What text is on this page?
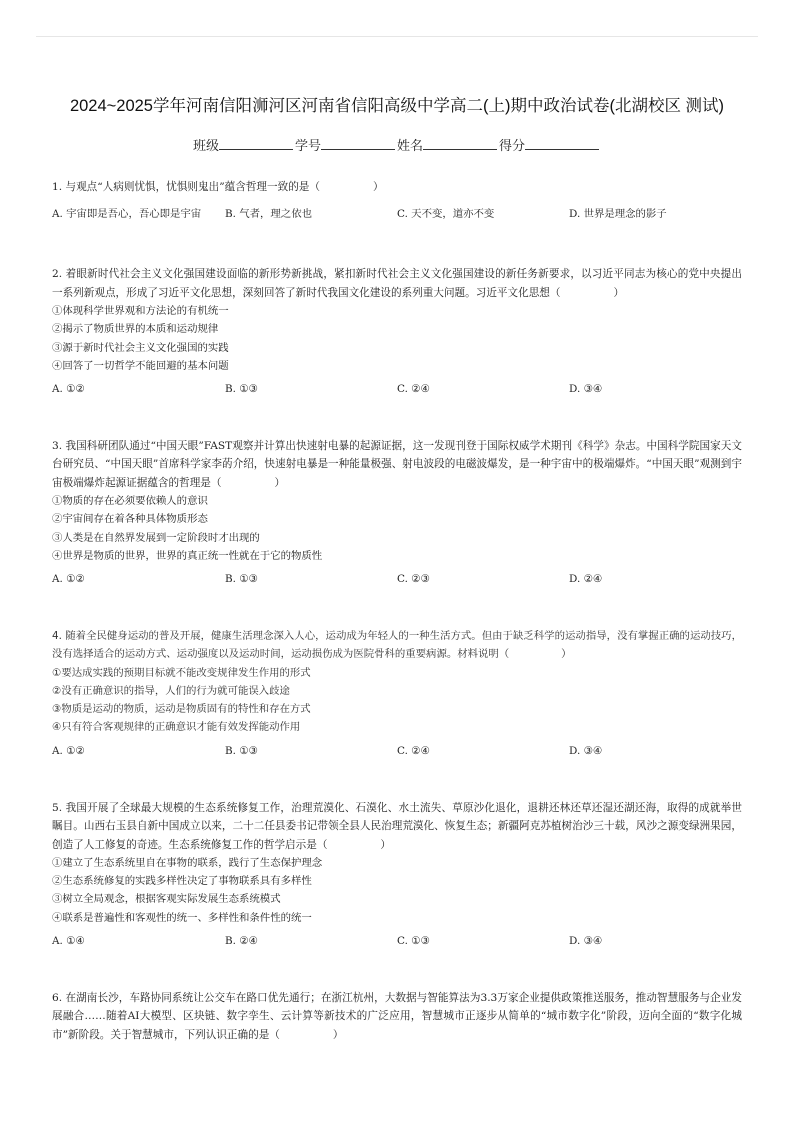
2024~2025学年河南信阳浉河区河南省信阳高级中学高二(上)期中政治试卷(北湖校区 测试)
班级	学号	姓名	得分

1. 与观点“人病则忧惧，忧惧则鬼出”蕴含哲理一致的是（　　　　　）

A. 宇宙即是吾心，吾心即是宇宙	B. 气者，理之依也	C. 天不变，道亦不变	D. 世界是理念的影子

2. 着眼新时代社会主义文化强国建设面临的新形势新挑战，紧扣新时代社会主义文化强国建设的新任务新要求，以习近平同志为核心的党中央提出一系列新观点，形成了习近平文化思想，深刻回答了新时代我国文化建设的系列重大问题。习近平文化思想（　　　　　）

①体现科学世界观和方法论的有机统一
②揭示了物质世界的本质和运动规律
③源于新时代社会主义文化强国的实践
④回答了一切哲学不能回避的基本问题
A. ①②	B. ①③	C. ②④	D. ③④

3. 我国科研团队通过“中国天眼”FAST观察并计算出快速射电暴的起源证据，这一发现刊登于国际权威学术期刊《科学》杂志。中国科学院国家天文台研究员、“中国天眼”首席科学家李菂介绍，快速射电暴是一种能量极强、射电波段的电磁波爆发，是一种宇宙中的极端爆炸。“中国天眼”观测到宇宙极端爆炸起源证据蕴含的哲理是（　　　　　）

①物质的存在必须要依赖人的意识
②宇宙间存在着各种具体物质形态
③人类是在自然界发展到一定阶段时才出现的
④世界是物质的世界，世界的真正统一性就在于它的物质性
A. ①②	B. ①③	C. ②③	D. ②④

4. 随着全民健身运动的普及开展，健康生活理念深入人心，运动成为年轻人的一种生活方式。但由于缺乏科学的运动指导，没有掌握正确的运动技巧，没有选择适合的运动方式、运动强度以及运动时间，运动损伤成为医院骨科的重要病源。材料说明（　　　　　）

①要达成实践的预期目标就不能改变规律发生作用的形式
②没有正确意识的指导，人们的行为就可能误入歧途
③物质是运动的物质，运动是物质固有的特性和存在方式
④只有符合客观规律的正确意识才能有效发挥能动作用
A. ①②	B. ①③	C. ②④	D. ③④

5. 我国开展了全球最大规模的生态系统修复工作，治理荒漠化、石漠化、水土流失、草原沙化退化，退耕还林还草还湿还湖还海，取得的成就举世瞩目。山西右玉县自新中国成立以来，二十二任县委书记带领全县人民治理荒漠化、恢复生态；新疆阿克苏植树治沙三十载，风沙之源变绿洲果园，创造了人工修复的奇迹。生态系统修复工作的哲学启示是（　　　　　）

①建立了生态系统里自在事物的联系，践行了生态保护理念
②生态系统修复的实践多样性决定了事物联系具有多样性
③树立全局观念，根据客观实际发展生态系统模式
④联系是普遍性和客观性的统一、多样性和条件性的统一
A. ①④	B. ②④	C. ①③	D. ③④

6. 在湖南长沙，车路协同系统让公交车在路口优先通行；在浙江杭州，大数据与智能算法为3.3万家企业提供政策推送服务，推动智慧服务与企业发展融合……随着AI大模型、区块链、数字孪生、云计算等新技术的广泛应用，智慧城市正逐步从简单的“城市数字化”阶段，迈向全面的“数字化城市”新阶段。关于智慧城市，下列认识正确的是（　　　　　）
